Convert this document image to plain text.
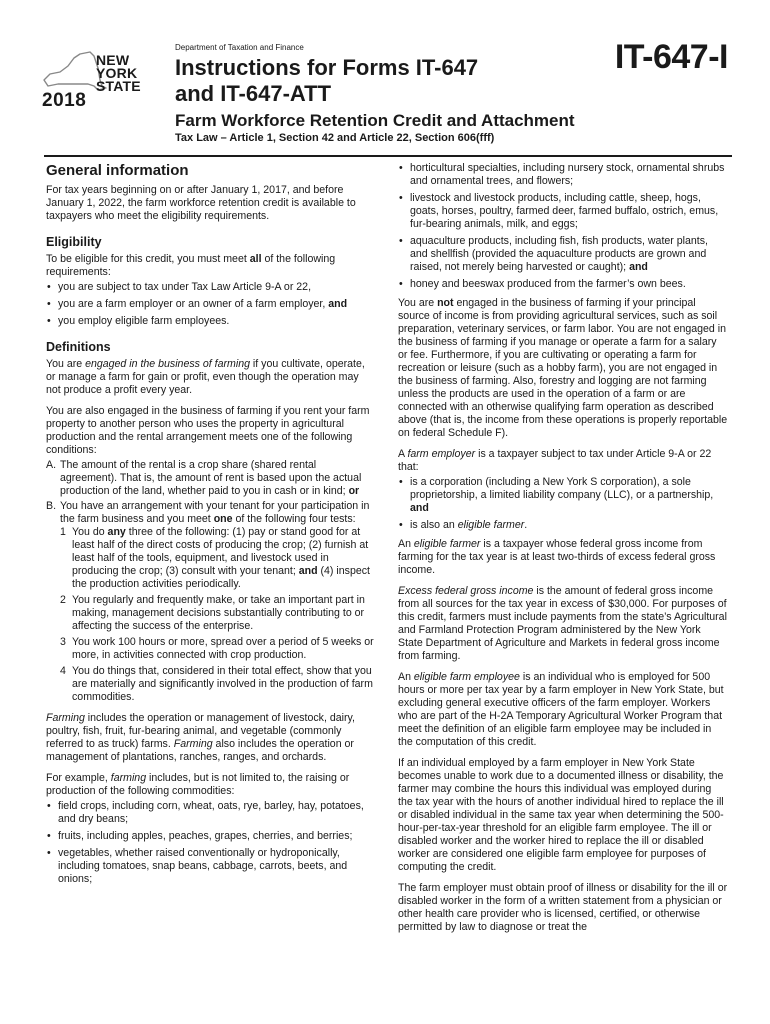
NEW
YORK
STATE
2018
Department of Taxation and Finance
Instructions for Forms IT-647
and IT-647-ATT
Farm Workforce Retention Credit and Attachment
Tax Law – Article 1, Section 42 and Article 22, Section 606(fff)
IT-647-I
General information

For tax years beginning on or after January 1, 2017, and before January 1, 2022, the farm workforce retention credit is available to taxpayers who meet the eligibility requirements.

Eligibility

To be eligible for this credit, you must meet all of the following requirements:

• you are subject to tax under Tax Law Article 9-A or 22,
• you are a farm employer or an owner of a farm employer, and
• you employ eligible farm employees.
Definitions

You are engaged in the business of farming if you cultivate, operate, or manage a farm for gain or profit, even though the operation may not produce a profit every year.

You are also engaged in the business of farming if you rent your farm property to another person who uses the property in agricultural production and the rental arrangement meets one of the following conditions:

A. The amount of the rental is a crop share (shared rental agreement). That is, the amount of rent is based upon the actual production of the land, whether paid to you in cash or in kind; or
B. You have an arrangement with your tenant for your participation in the farm business and you meet one of the following four tests:
1 You do any three of the following: (1) pay or stand good for at least half of the direct costs of producing the crop; (2) furnish at least half of the tools, equipment, and livestock used in producing the crop; (3) consult with your tenant; and (4) inspect the production activities periodically.
2 You regularly and frequently make, or take an important part in making, management decisions substantially contributing to or affecting the success of the enterprise.
3 You work 100 hours or more, spread over a period of 5 weeks or more, in activities connected with crop production.
4 You do things that, considered in their total effect, show that you are materially and significantly involved in the production of farm commodities.

Farming includes the operation or management of livestock, dairy, poultry, fish, fruit, fur-bearing animal, and vegetable (commonly referred to as truck) farms. Farming also includes the operation or management of plantations, ranches, ranges, and orchards.

For example, farming includes, but is not limited to, the raising or production of the following commodities:

• field crops, including corn, wheat, oats, rye, barley, hay, potatoes, and dry beans;
• fruits, including apples, peaches, grapes, cherries, and berries;
• vegetables, whether raised conventionally or hydroponically, including tomatoes, snap beans, cabbage, carrots, beets, and onions;
• horticultural specialties, including nursery stock, ornamental shrubs and ornamental trees, and flowers;
• livestock and livestock products, including cattle, sheep, hogs, goats, horses, poultry, farmed deer, farmed buffalo, ostrich, emus, fur-bearing animals, milk, and eggs;
• aquaculture products, including fish, fish products, water plants, and shellfish (provided the aquaculture products are grown and raised, not merely being harvested or caught); and
• honey and beeswax produced from the farmer’s own bees.

You are not engaged in the business of farming if your principal source of income is from providing agricultural services, such as soil preparation, veterinary services, or farm labor. You are not engaged in the business of farming if you manage or operate a farm for a salary or fee. Furthermore, if you are cultivating or operating a farm for recreation or leisure (such as a hobby farm), you are not engaged in the business of farming. Also, forestry and logging are not farming unless the products are used in the operation of a farm or are connected with an otherwise qualifying farm operation as described above (that is, the income from these operations is properly reportable on federal Schedule F).

A farm employer is a taxpayer subject to tax under Article 9-A or 22 that:

• is a corporation (including a New York S corporation), a sole proprietorship, a limited liability company (LLC), or a partnership, and
• is also an eligible farmer.

An eligible farmer is a taxpayer whose federal gross income from farming for the tax year is at least two-thirds of excess federal gross income.

Excess federal gross income is the amount of federal gross income from all sources for the tax year in excess of $30,000. For purposes of this credit, farmers must include payments from the state’s Agricultural and Farmland Protection Program administered by the New York State Department of Agriculture and Markets in federal gross income from farming.

An eligible farm employee is an individual who is employed for 500 hours or more per tax year by a farm employer in New York State, but excluding general executive officers of the farm employer. Workers who are part of the H-2A Temporary Agricultural Worker Program that meet the definition of an eligible farm employee may be included in the computation of this credit.

If an individual employed by a farm employer in New York State becomes unable to work due to a documented illness or disability, the farmer may combine the hours this individual was employed during the tax year with the hours of another individual hired to replace the ill or disabled individual in the same tax year when determining the 500-hour-per-tax-year threshold for an eligible farm employee. The ill or disabled worker and the worker hired to replace the ill or disabled worker are considered one eligible farm employee for purposes of computing the credit.

The farm employer must obtain proof of illness or disability for the ill or disabled worker in the form of a written statement from a physician or other health care provider who is licensed, certified, or otherwise permitted by law to diagnose or treat the
